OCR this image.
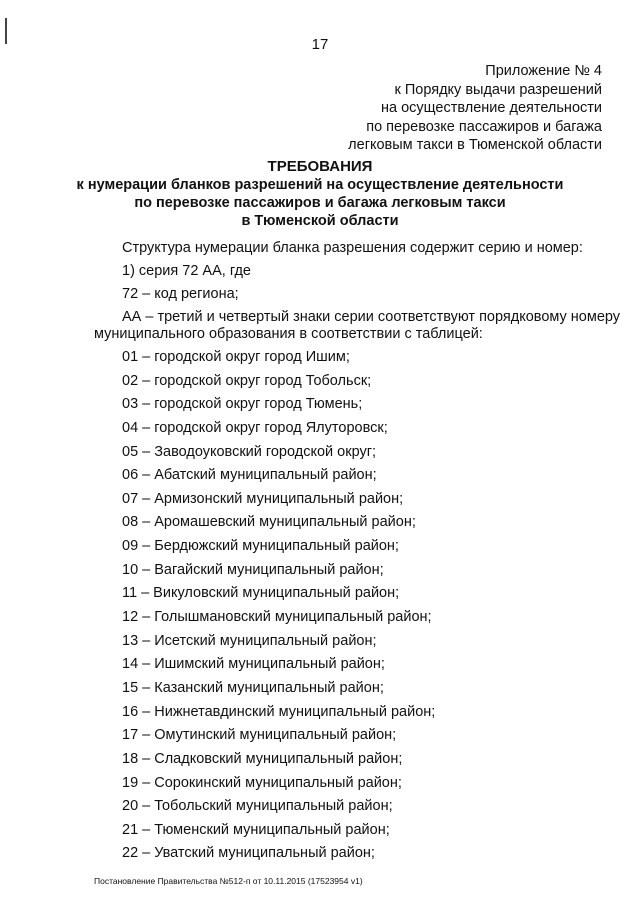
17
Приложение № 4
к Порядку выдачи разрешений
на осуществление деятельности
по перевозке пассажиров и багажа
легковым такси в Тюменской области
ТРЕБОВАНИЯ
к нумерации бланков разрешений на осуществление деятельности
по перевозке пассажиров и багажа легковым такси
в Тюменской области

Структура нумерации бланка разрешения содержит серию и номер:

1) серия 72 АА, где

72 – код региона;

АА – третий и четвертый знаки серии соответствуют порядковому номеру
муниципального образования в соответствии с таблицей:

01 – городской округ город Ишим;
02 – городской округ город Тобольск;
03 – городской округ город Тюмень;
04 – городской округ город Ялуторовск;
05 – Заводоуковский городской округ;
06 – Абатский муниципальный район;
07 – Армизонский муниципальный район;
08 – Аромашевский муниципальный район;
09 – Бердюжский муниципальный район;
10 – Вагайский муниципальный район;
11 – Викуловский муниципальный район;
12 – Голышмановский муниципальный район;
13 – Исетский муниципальный район;
14 – Ишимский муниципальный район;
15 – Казанский муниципальный район;
16 – Нижнетавдинский муниципальный район;
17 – Омутинский муниципальный район;
18 – Сладковский муниципальный район;
19 – Сорокинский муниципальный район;
20 – Тобольский муниципальный район;
21 – Тюменский муниципальный район;
22 – Уватский муниципальный район;
Постановление Правительства №512-п от 10.11.2015 (17523954 v1)
